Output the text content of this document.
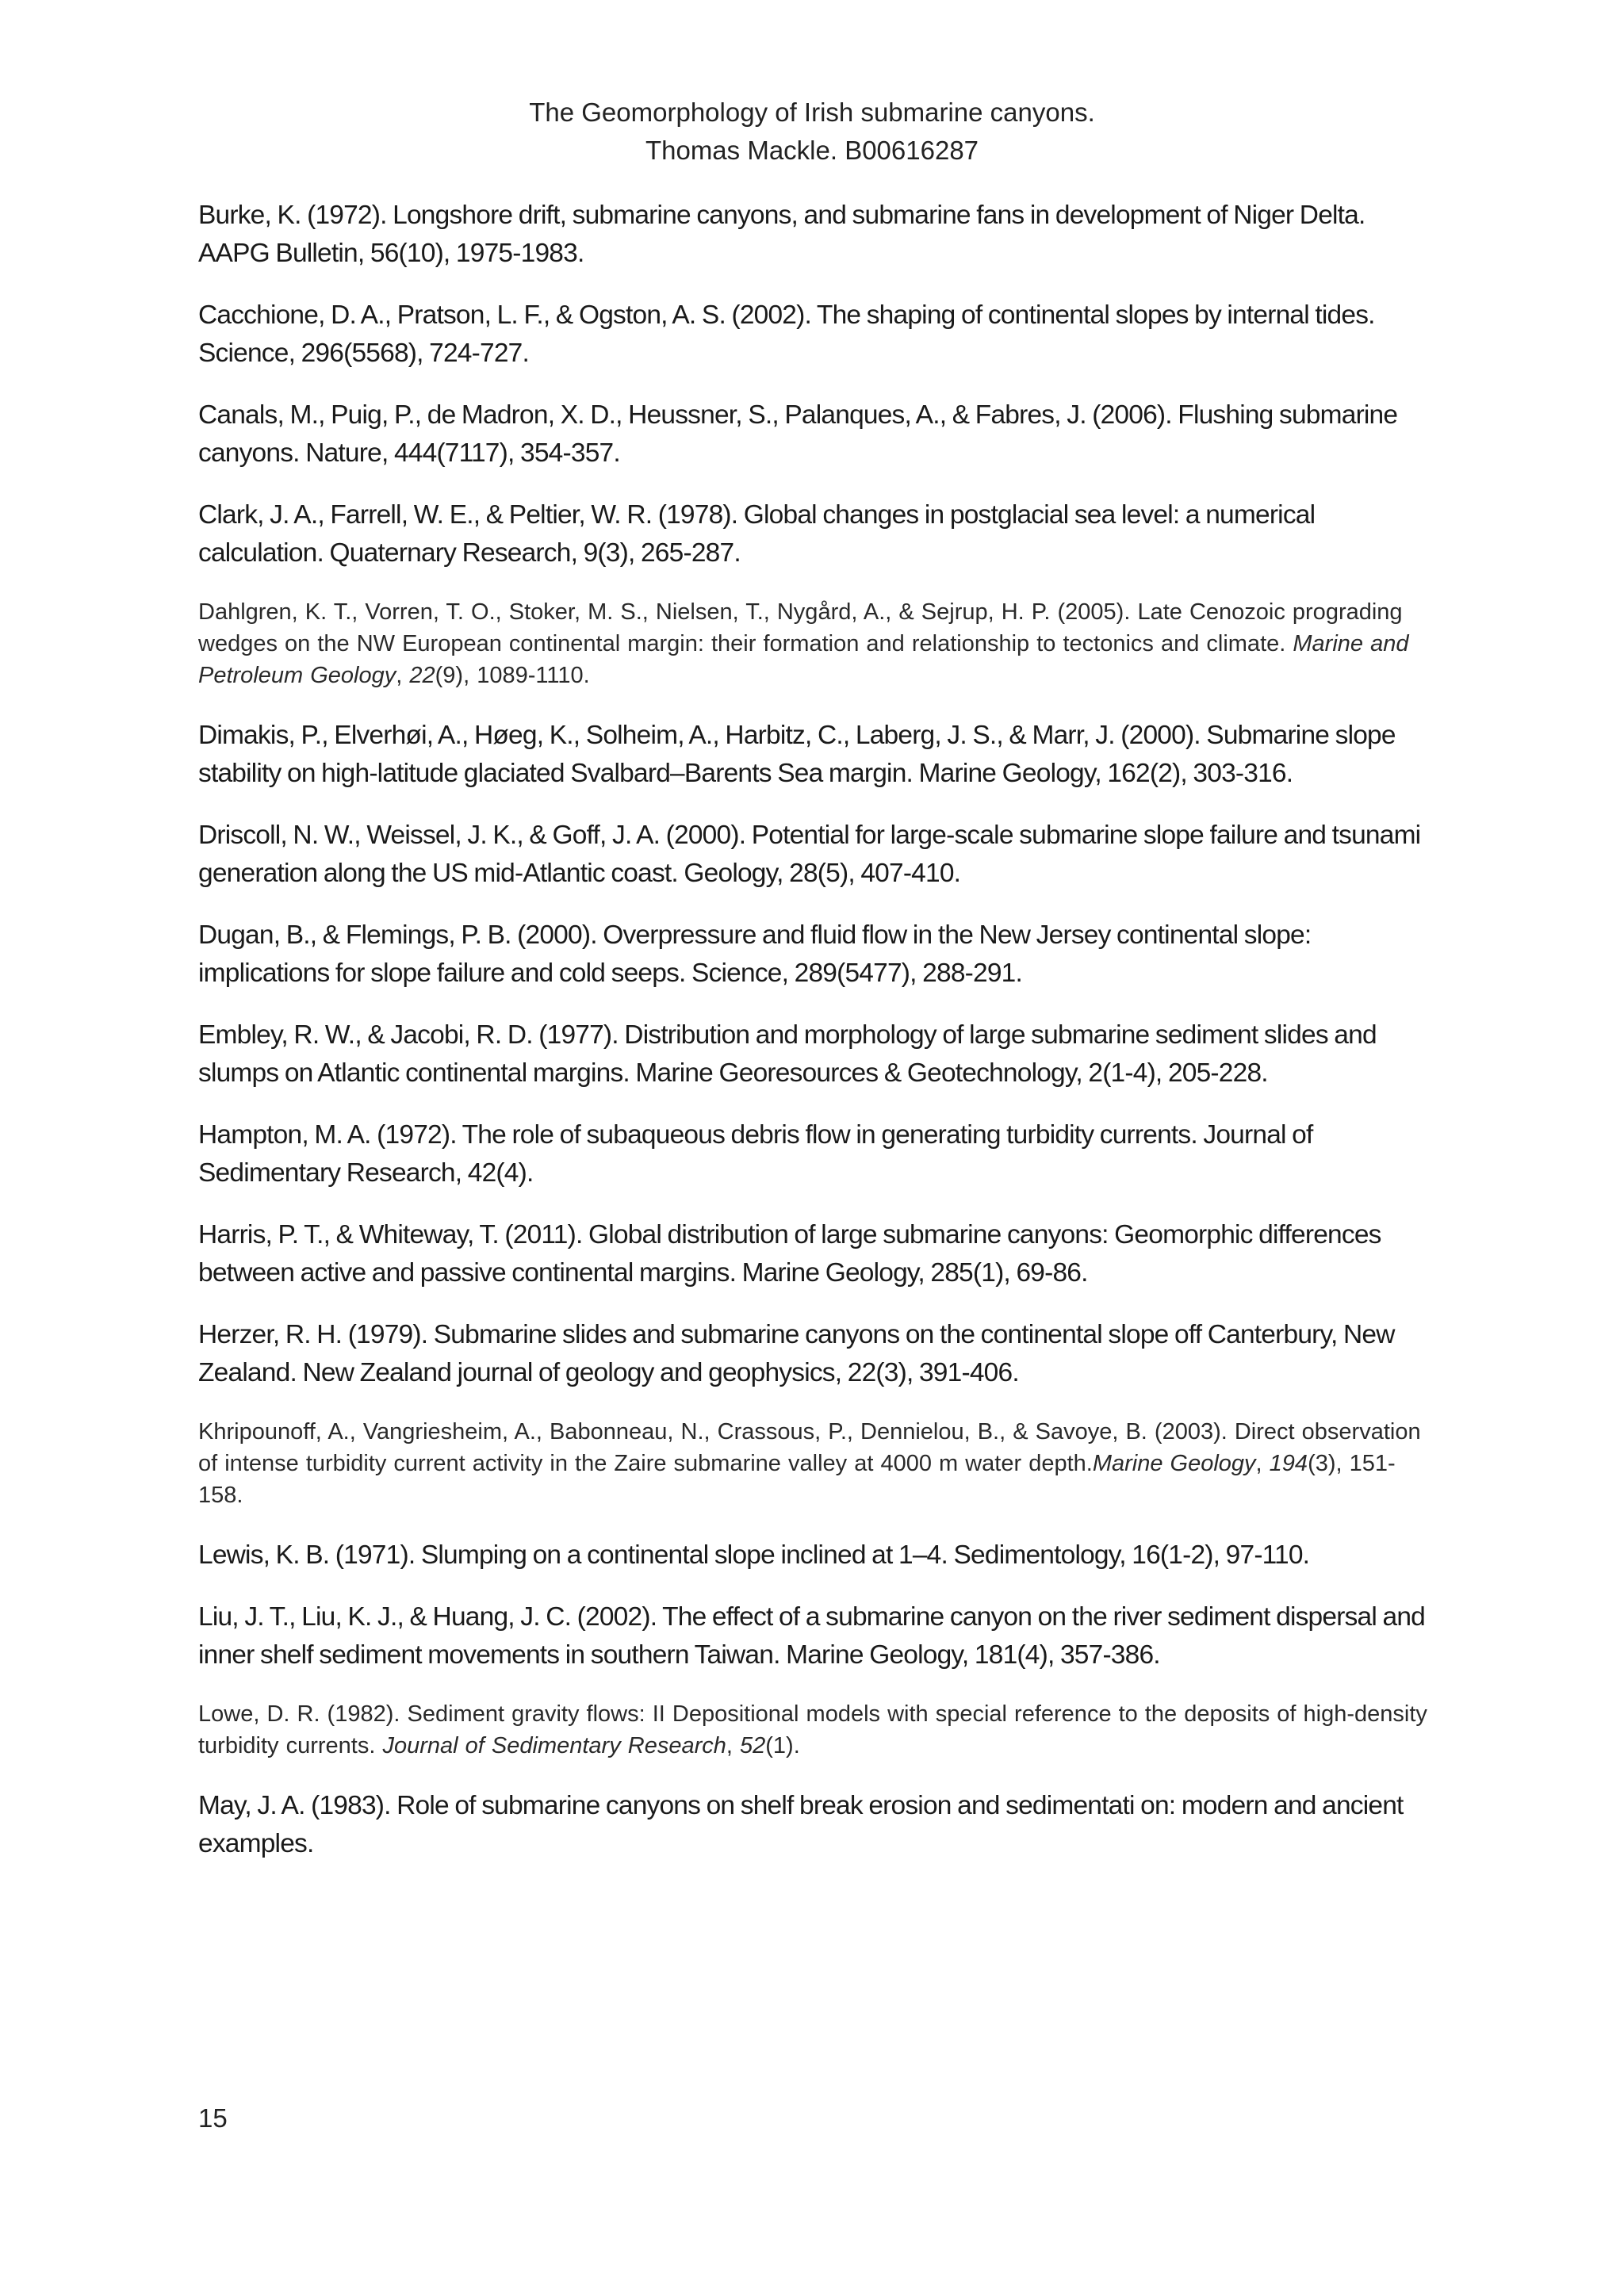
The Geomorphology of Irish submarine canyons.
Thomas Mackle. B00616287

Burke, K. (1972). Longshore drift, submarine canyons, and submarine fans in development of Niger Delta. AAPG Bulletin, 56(10), 1975-1983.

Cacchione, D. A., Pratson, L. F., & Ogston, A. S. (2002). The shaping of continental slopes by internal tides. Science, 296(5568), 724-727.

Canals, M., Puig, P., de Madron, X. D., Heussner, S., Palanques, A., & Fabres, J. (2006). Flushing submarine canyons. Nature, 444(7117), 354-357.

Clark, J. A., Farrell, W. E., & Peltier, W. R. (1978). Global changes in postglacial sea level: a numerical calculation. Quaternary Research, 9(3), 265-287.

Dahlgren, K. T., Vorren, T. O., Stoker, M. S., Nielsen, T., Nygård, A., & Sejrup, H. P. (2005). Late Cenozoic prograding wedges on the NW European continental margin: their formation and relationship to tectonics and climate. Marine and Petroleum Geology, 22(9), 1089-1110.

Dimakis, P., Elverhøi, A., Høeg, K., Solheim, A., Harbitz, C., Laberg, J. S., & Marr, J. (2000). Submarine slope stability on high-latitude glaciated Svalbard–Barents Sea margin. Marine Geology, 162(2), 303-316.

Driscoll, N. W., Weissel, J. K., & Goff, J. A. (2000). Potential for large-scale submarine slope failure and tsunami generation along the US mid-Atlantic coast. Geology, 28(5), 407-410.

Dugan, B., & Flemings, P. B. (2000). Overpressure and fluid flow in the New Jersey continental slope: implications for slope failure and cold seeps. Science, 289(5477), 288-291.

Embley, R. W., & Jacobi, R. D. (1977). Distribution and morphology of large submarine sediment slides and slumps on Atlantic continental margins. Marine Georesources & Geotechnology, 2(1-4), 205-228.

Hampton, M. A. (1972). The role of subaqueous debris flow in generating turbidity currents. Journal of Sedimentary Research, 42(4).

Harris, P. T., & Whiteway, T. (2011). Global distribution of large submarine canyons: Geomorphic differences between active and passive continental margins. Marine Geology, 285(1), 69-86.

Herzer, R. H. (1979). Submarine slides and submarine canyons on the continental slope off Canterbury, New Zealand. New Zealand journal of geology and geophysics, 22(3), 391-406.

Khripounoff, A., Vangriesheim, A., Babonneau, N., Crassous, P., Dennielou, B., & Savoye, B. (2003). Direct observation of intense turbidity current activity in the Zaire submarine valley at 4000 m water depth.Marine Geology, 194(3), 151-158.

Lewis, K. B. (1971). Slumping on a continental slope inclined at 1–4. Sedimentology, 16(1-2), 97-110.

Liu, J. T., Liu, K. J., & Huang, J. C. (2002). The effect of a submarine canyon on the river sediment dispersal and inner shelf sediment movements in southern Taiwan. Marine Geology, 181(4), 357-386.

Lowe, D. R. (1982). Sediment gravity flows: II Depositional models with special reference to the deposits of high-density turbidity currents. Journal of Sedimentary Research, 52(1).

May, J. A. (1983). Role of submarine canyons on shelf break erosion and sedimentati on: modern and ancient examples.

15
